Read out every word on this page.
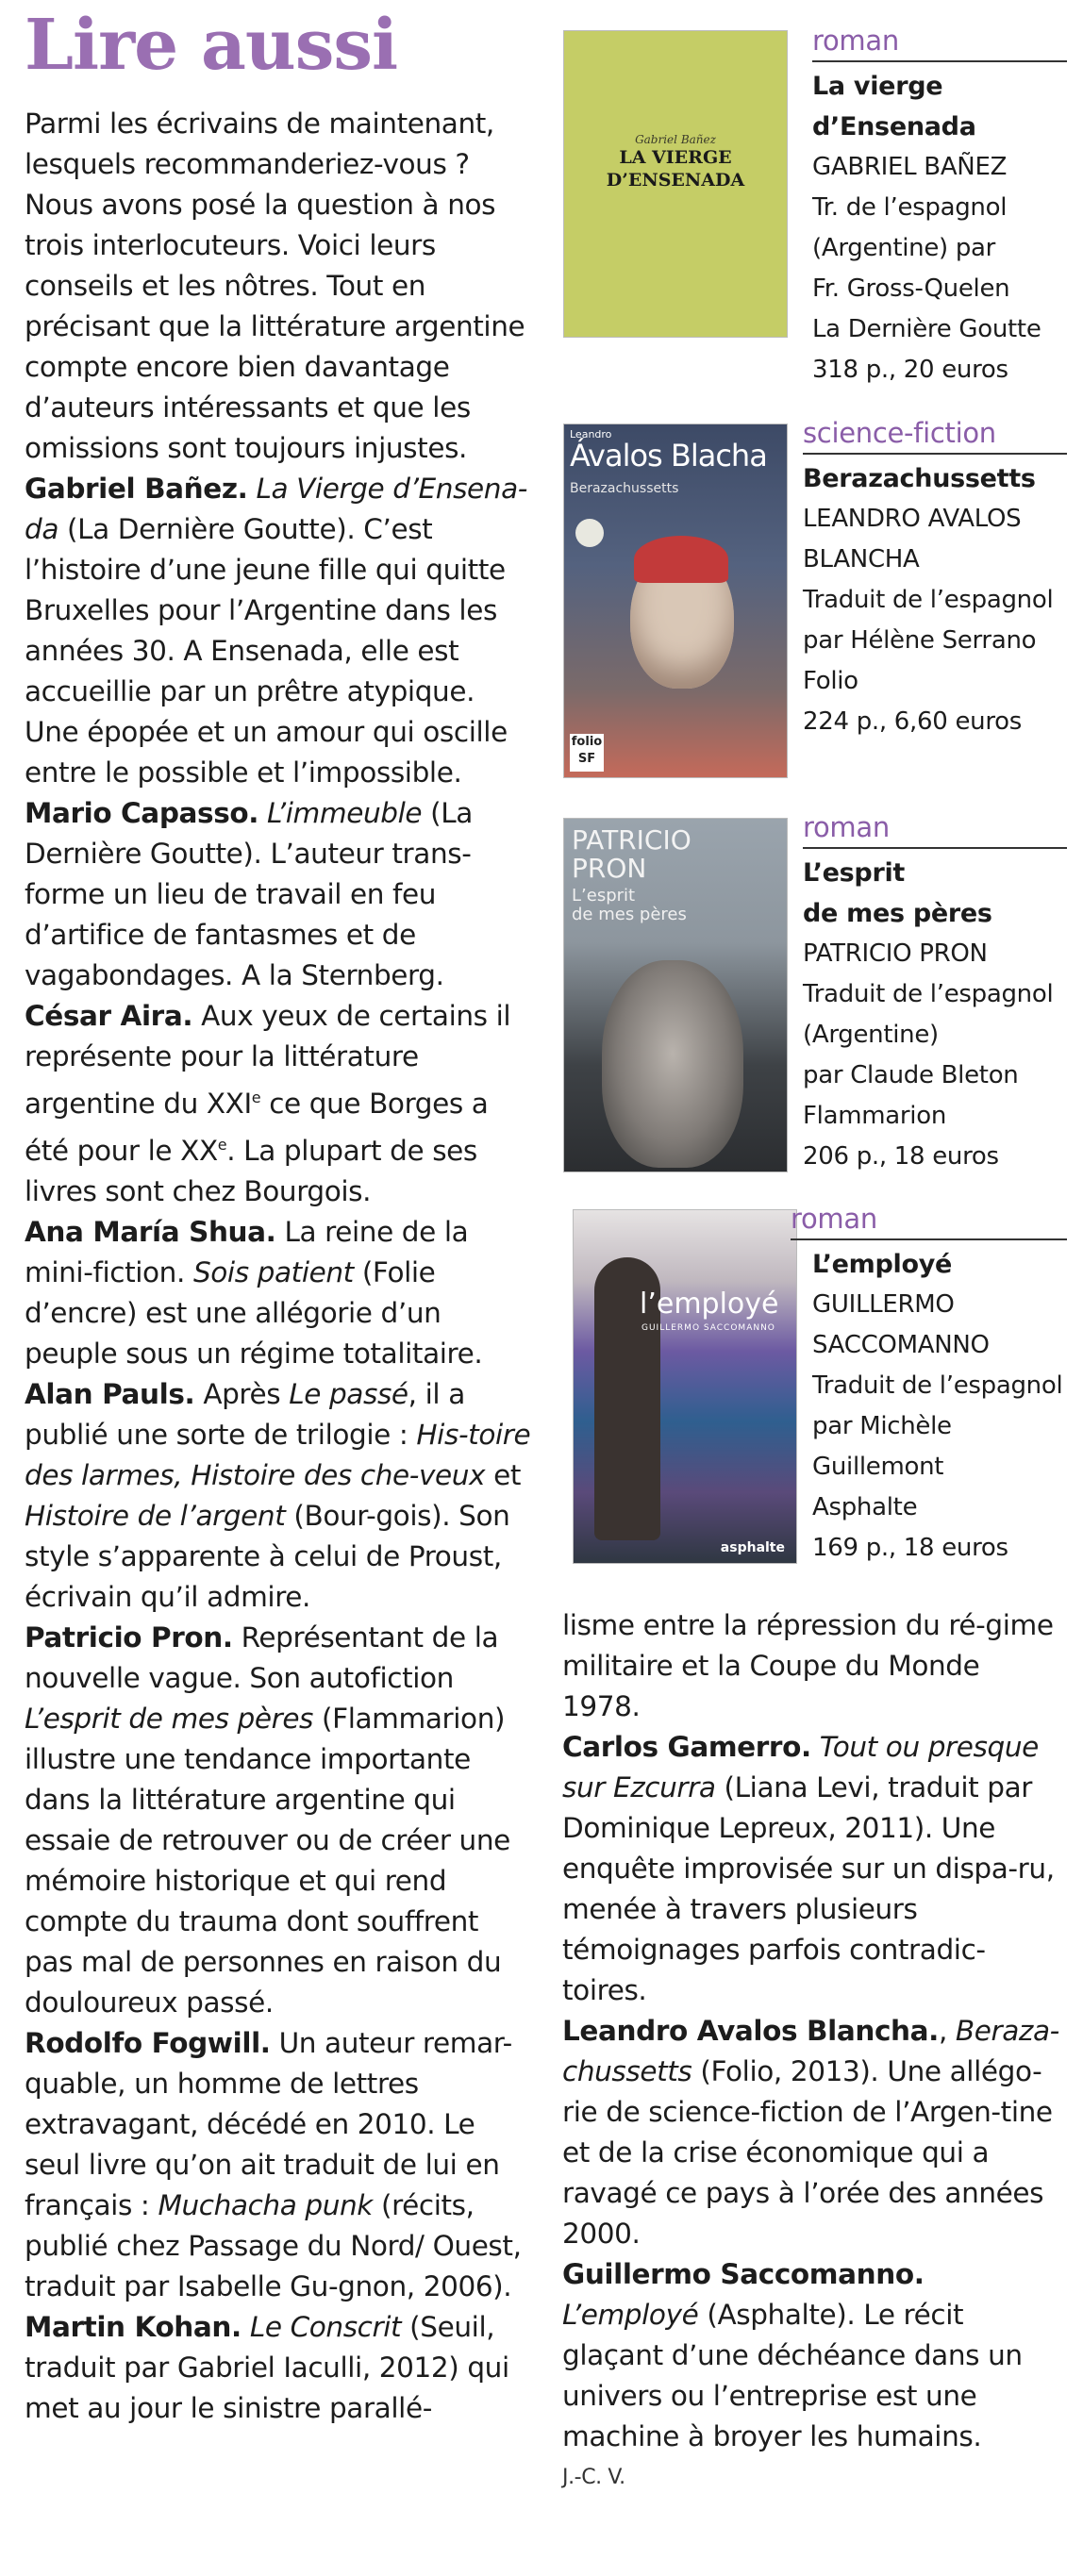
Lire aussi

Parmi les écrivains de maintenant, lesquels recommanderiez-vous ? Nous avons posé la question à nos trois interlocuteurs. Voici leurs conseils et les nôtres. Tout en précisant que la littérature argentine compte encore bien davantage d’auteurs intéressants et que les omissions sont toujours injustes.

Gabriel Bañez. La Vierge d’Ensena-da (La Dernière Goutte). C’est l’histoire d’une jeune fille qui quitte Bruxelles pour l’Argentine dans les années 30. A Ensenada, elle est accueillie par un prêtre atypique. Une épopée et un amour qui oscille entre le possible et l’impossible.

Mario Capasso. L’immeuble (La Dernière Goutte). L’auteur trans-forme un lieu de travail en feu d’artifice de fantasmes et de vagabondages. A la Sternberg.

César Aira. Aux yeux de certains il représente pour la littérature argentine du XXIe ce que Borges a été pour le XXe. La plupart de ses livres sont chez Bourgois.

Ana María Shua. La reine de la mini-fiction. Sois patient (Folie d’encre) est une allégorie d’un peuple sous un régime totalitaire.

Alan Pauls. Après Le passé, il a publié une sorte de trilogie : His-toire des larmes, Histoire des che-veux et Histoire de l’argent (Bour-gois). Son style s’apparente à celui de Proust, écrivain qu’il admire.

Patricio Pron. Représentant de la nouvelle vague. Son autofiction L’esprit de mes pères (Flammarion) illustre une tendance importante dans la littérature argentine qui essaie de retrouver ou de créer une mémoire historique et qui rend compte du trauma dont souffrent pas mal de personnes en raison du douloureux passé.

Rodolfo Fogwill. Un auteur remar-quable, un homme de lettres extravagant, décédé en 2010. Le seul livre qu’on ait traduit de lui en français : Muchacha punk (récits, publié chez Passage du Nord/ Ouest, traduit par Isabelle Gu-gnon, 2006).

Martin Kohan. Le Conscrit (Seuil, traduit par Gabriel Iaculli, 2012) qui met au jour le sinistre parallé-

lisme entre la répression du ré-gime militaire et la Coupe du Monde 1978.

Carlos Gamerro. Tout ou presque sur Ezcurra (Liana Levi, traduit par Dominique Lepreux, 2011). Une enquête improvisée sur un dispa-ru, menée à travers plusieurs témoignages parfois contradic-toires.

Leandro Avalos Blancha., Beraza-chussetts (Folio, 2013). Une allégo-rie de science-fiction de l’Argen-tine et de la crise économique qui a ravagé ce pays à l’orée des années 2000.

Guillermo Saccomanno. L’employé (Asphalte). Le récit glaçant d’une déchéance dans un univers ou l’entreprise est une machine à broyer les humains.

J.-C. V.

Gabriel Bañez
LA VIERGE
D’ENSENADA
roman
La vierge
d’Ensenada
GABRIEL BAÑEZ
Tr. de l’espagnol
(Argentine) par
Fr. Gross-Quelen
La Dernière Goutte
318 p., 20 euros
Leandro
Ávalos Blacha
Berazachussetts
folio
SF
science-fiction
Berazachussetts
LEANDRO AVALOS
BLANCHA
Traduit de l’espagnol
par Hélène Serrano
Folio
224 p., 6,60 euros
PATRICIO
PRON
L’esprit
de mes pères
roman
L’esprit
de mes pères
PATRICIO PRON
Traduit de l’espagnol
(Argentine)
par Claude Bleton
Flammarion
206 p., 18 euros
l’employé
GUILLERMO SACCOMANNO
asphalte
roman
L’employé
GUILLERMO
SACCOMANNO
Traduit de l’espagnol
par Michèle
Guillemont
Asphalte
169 p., 18 euros
